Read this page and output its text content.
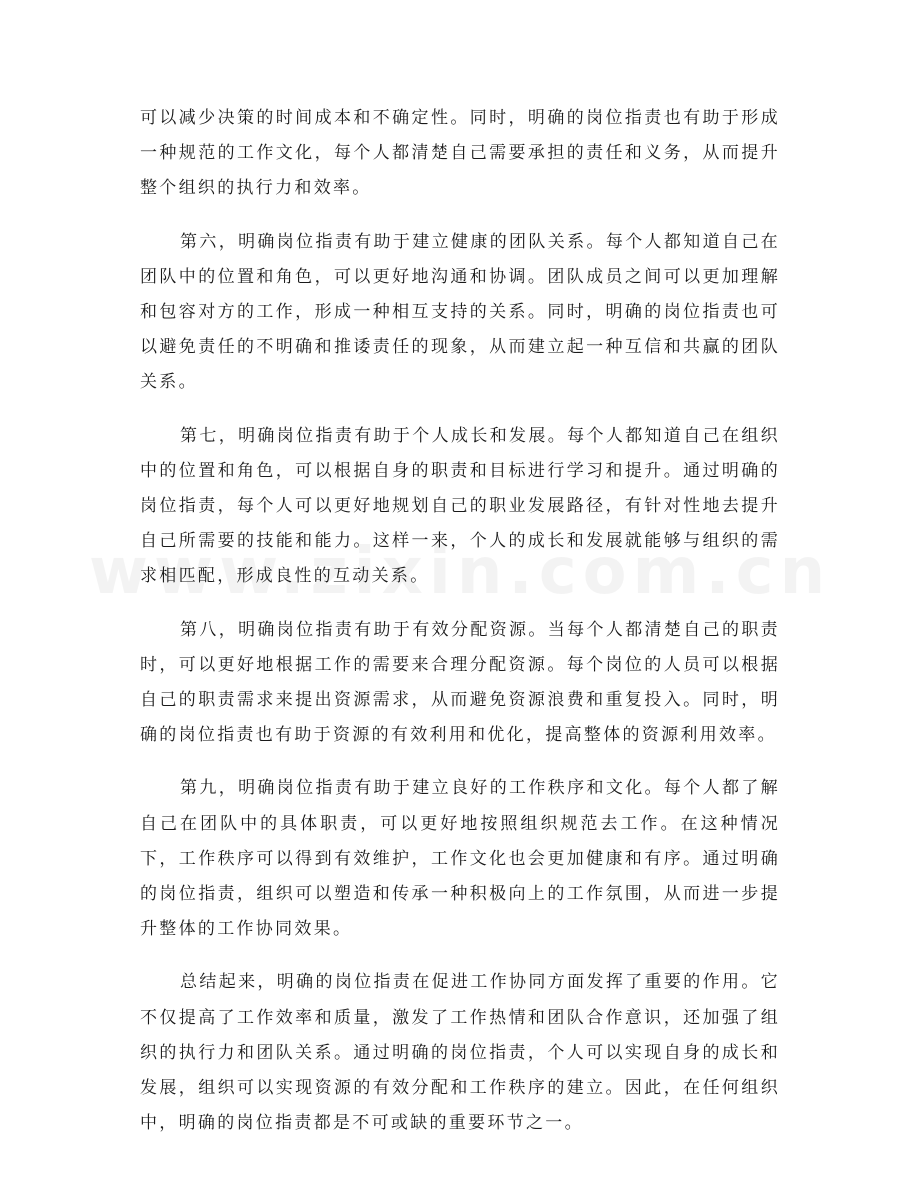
可以减少决策的时间成本和不确定性。同时，明确的岗位指责也有助于形成一种规范的工作文化，每个人都清楚自己需要承担的责任和义务，从而提升整个组织的执行力和效率。

第六，明确岗位指责有助于建立健康的团队关系。每个人都知道自己在团队中的位置和角色，可以更好地沟通和协调。团队成员之间可以更加理解和包容对方的工作，形成一种相互支持的关系。同时，明确的岗位指责也可以避免责任的不明确和推诿责任的现象，从而建立起一种互信和共赢的团队关系。

第七，明确岗位指责有助于个人成长和发展。每个人都知道自己在组织中的位置和角色，可以根据自身的职责和目标进行学习和提升。通过明确的岗位指责，每个人可以更好地规划自己的职业发展路径，有针对性地去提升自己所需要的技能和能力。这样一来，个人的成长和发展就能够与组织的需求相匹配，形成良性的互动关系。

第八，明确岗位指责有助于有效分配资源。当每个人都清楚自己的职责时，可以更好地根据工作的需要来合理分配资源。每个岗位的人员可以根据自己的职责需求来提出资源需求，从而避免资源浪费和重复投入。同时，明确的岗位指责也有助于资源的有效利用和优化，提高整体的资源利用效率。

第九，明确岗位指责有助于建立良好的工作秩序和文化。每个人都了解自己在团队中的具体职责，可以更好地按照组织规范去工作。在这种情况下，工作秩序可以得到有效维护，工作文化也会更加健康和有序。通过明确的岗位指责，组织可以塑造和传承一种积极向上的工作氛围，从而进一步提升整体的工作协同效果。

总结起来，明确的岗位指责在促进工作协同方面发挥了重要的作用。它不仅提高了工作效率和质量，激发了工作热情和团队合作意识，还加强了组织的执行力和团队关系。通过明确的岗位指责，个人可以实现自身的成长和发展，组织可以实现资源的有效分配和工作秩序的建立。因此，在任何组织中，明确的岗位指责都是不可或缺的重要环节之一。
